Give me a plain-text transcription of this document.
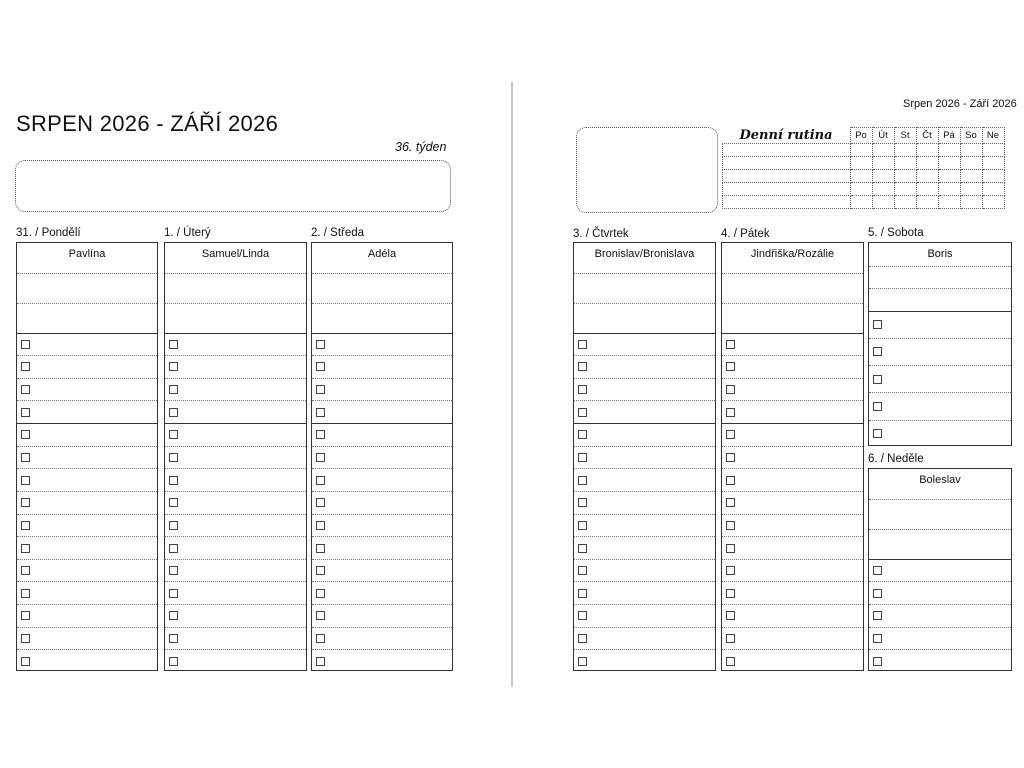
SRPEN 2026 - ZÁŘÍ 2026
36. týden
Srpen 2026 - Září 2026
Denní rutina	Po	Út	St	Čt	Pá	So	Ne

31. / Pondělí
Pavlína
1. / Úterý
Samuel/Linda
2. / Středa
Adéla
3. / Čtvrtek
Bronislav/Bronislava
4. / Pátek
Jindřiška/Rozálie
5. / Sobota
Boris
6. / Neděle
Boleslav
